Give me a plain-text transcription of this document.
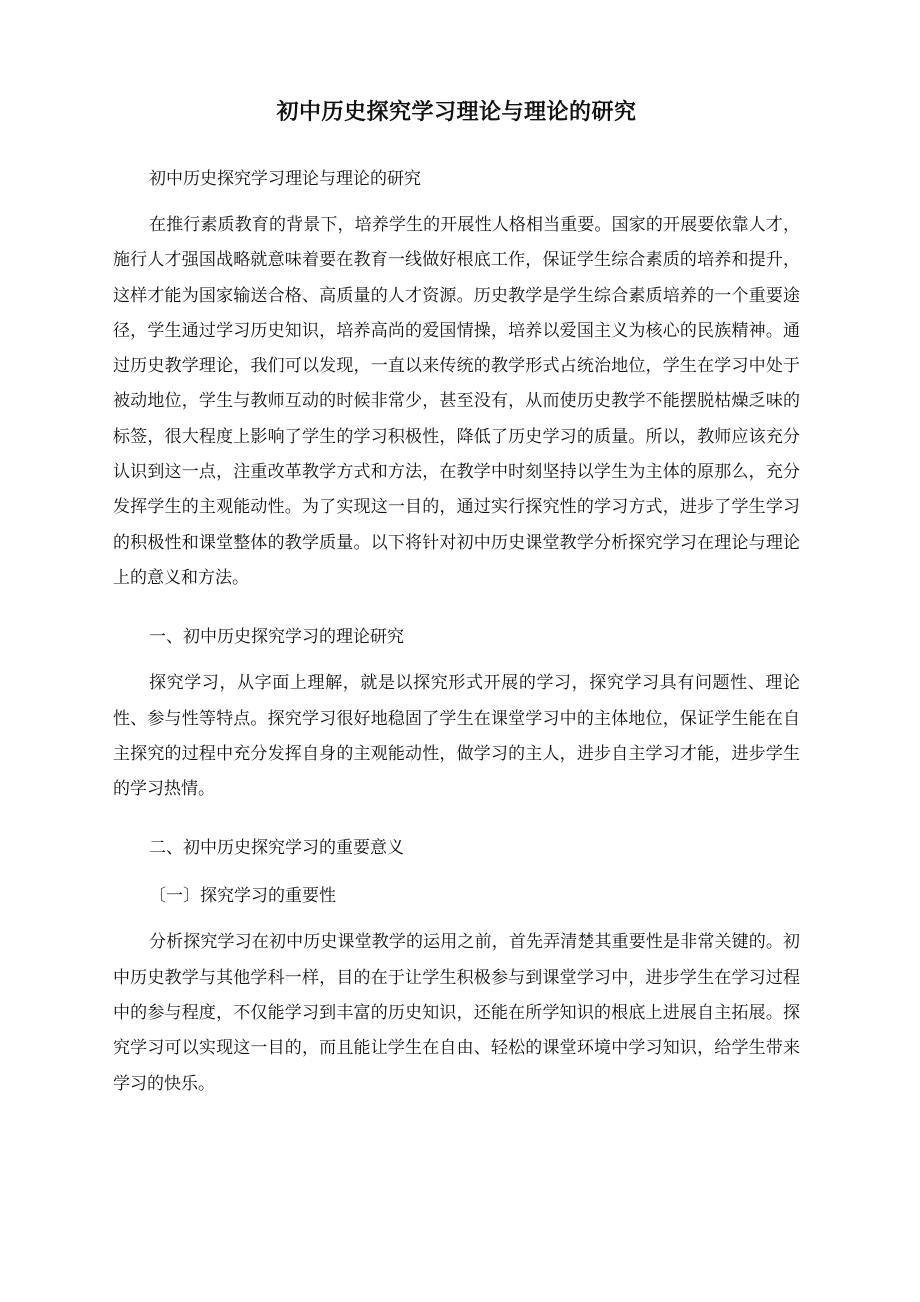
初中历史探究学习理论与理论的研究

初中历史探究学习理论与理论的研究

在推行素质教育的背景下，培养学生的开展性人格相当重要。国家的开展要依靠人才，施行人才强国战略就意味着要在教育一线做好根底工作，保证学生综合素质的培养和提升，这样才能为国家输送合格、高质量的人才资源。历史教学是学生综合素质培养的一个重要途径，学生通过学习历史知识，培养高尚的爱国情操，培养以爱国主义为核心的民族精神。通过历史教学理论，我们可以发现，一直以来传统的教学形式占统治地位，学生在学习中处于被动地位，学生与教师互动的时候非常少，甚至没有，从而使历史教学不能摆脱枯燥乏味的标签，很大程度上影响了学生的学习积极性，降低了历史学习的质量。所以，教师应该充分认识到这一点，注重改革教学方式和方法，在教学中时刻坚持以学生为主体的原那么，充分发挥学生的主观能动性。为了实现这一目的，通过实行探究性的学习方式，进步了学生学习的积极性和课堂整体的教学质量。以下将针对初中历史课堂教学分析探究学习在理论与理论上的意义和方法。

一、初中历史探究学习的理论研究

探究学习，从字面上理解，就是以探究形式开展的学习，探究学习具有问题性、理论性、参与性等特点。探究学习很好地稳固了学生在课堂学习中的主体地位，保证学生能在自主探究的过程中充分发挥自身的主观能动性，做学习的主人，进步自主学习才能，进步学生的学习热情。

二、初中历史探究学习的重要意义

〔一〕探究学习的重要性

分析探究学习在初中历史课堂教学的运用之前，首先弄清楚其重要性是非常关键的。初中历史教学与其他学科一样，目的在于让学生积极参与到课堂学习中，进步学生在学习过程中的参与程度，不仅能学习到丰富的历史知识，还能在所学知识的根底上进展自主拓展。探究学习可以实现这一目的，而且能让学生在自由、轻松的课堂环境中学习知识，给学生带来学习的快乐。
